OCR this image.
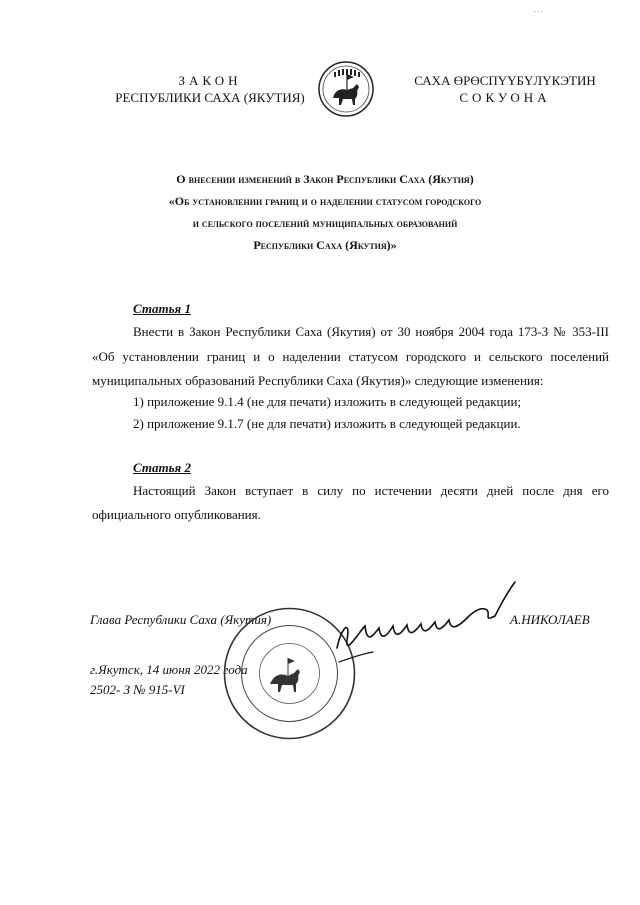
...
ЗАКОН
РЕСПУБЛИКИ САХА (ЯКУТИЯ)
САХА ӨРӨСПҮҮБҮЛҮКЭТИН
СОКУОНА
О внесении изменений в Закон Республики Саха (Якутия)
«Об установлении границ и о наделении статусом городского
и сельского поселений муниципальных образований
Республики Саха (Якутия)»
Статья 1
Внести в Закон Республики Саха (Якутия) от 30 ноября 2004 года 173-З № 353-III
«Об установлении границ и о наделении статусом городского и сельского поселений
муниципальных образований Республики Саха (Якутия)» следующие изменения:
1) приложение 9.1.4 (не для печати) изложить в следующей редакции;
2) приложение 9.1.7 (не для печати) изложить в следующей редакции.
Статья 2
Настоящий Закон вступает в силу по истечении десяти дней после дня его
официального опубликования.
Глава Республики Саха (Якутия)	А.НИКОЛАЕВ
г.Якутск, 14 июня 2022 года
2502- З № 915-VI
